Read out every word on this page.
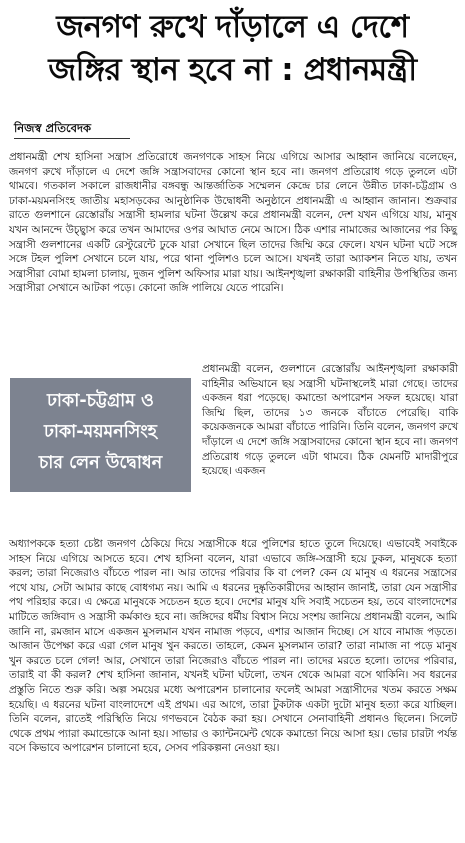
জনগণ রুখে দাঁড়ালে এ দেশে
জঙ্গির স্থান হবে না : প্রধানমন্ত্রী
নিজস্ব প্রতিবেদক

প্রধানমন্ত্রী শেখ হাসিনা সন্ত্রাস প্রতিরোধে জনগণকে সাহস নিয়ে এগিয়ে আসার আহ্বান জানিয়ে বলেছেন, জনগণ রুখে দাঁড়ালে এ দেশে জঙ্গি সন্ত্রাসবাদের কোনো স্থান হবে না। জনগণ প্রতিরোধ গড়ে তুললে এটা থামবে। গতকাল সকালে রাজধানীর বঙ্গবন্ধু আন্তর্জাতিক সম্মেলন কেন্দ্রে চার লেনে উন্নীত ঢাকা-চট্টগ্রাম ও ঢাকা-ময়মনসিংহ জাতীয় মহাসড়কের আনুষ্ঠানিক উদ্বোধনী অনুষ্ঠানে প্রধানমন্ত্রী এ আহ্বান জানান। শুক্রবার রাতে গুলশানে রেস্তোরাঁয় সন্ত্রাসী হামলার ঘটনা উল্লেখ করে প্রধানমন্ত্রী বলেন, দেশ যখন এগিয়ে যায়, মানুষ যখন আনন্দে উচ্ছ্বাস করে তখন আমাদের ওপর আঘাত নেমে আসে। ঠিক এশার নামাজের আজানের পর কিছু সন্ত্রাসী গুলশানের একটি রেস্টুরেন্টে ঢুকে যারা সেখানে ছিল তাদের জিম্মি করে ফেলে। যখন ঘটনা ঘটে সঙ্গে সঙ্গে টহল পুলিশ সেখানে চলে যায়, পরে থানা পুলিশও চলে আসে। যখনই তারা অ্যাকশন নিতে যায়, তখন সন্ত্রাসীরা বোমা হামলা চালায়, দুজন পুলিশ অফিসার মারা যায়। আইনশৃঙ্খলা রক্ষাকারী বাহিনীর উপস্থিতির জন্য সন্ত্রাসীরা সেখানে আটকা পড়ে। কোনো জঙ্গি পালিয়ে যেতে পারেনি।

ঢাকা-চট্টগ্রাম ও
ঢাকা-ময়মনসিংহ
চার লেন উদ্বোধন

প্রধানমন্ত্রী বলেন, গুলশানে রেস্তোরাঁয় আইনশৃঙ্খলা রক্ষাকারী বাহিনীর অভিযানে ছয় সন্ত্রাসী ঘটনাস্থলেই মারা গেছে। তাদের একজন ধরা পড়েছে। কমান্ডো অপারেশন সফল হয়েছে। যারা জিম্মি ছিল, তাদের ১৩ জনকে বাঁচাতে পেরেছি। বাকি কয়েকজনকে আমরা বাঁচাতে পারিনি। তিনি বলেন, জনগণ রুখে দাঁড়ালে এ দেশে জঙ্গি সন্ত্রাসবাদের কোনো স্থান হবে না। জনগণ প্রতিরোধ গড়ে তুললে এটা থামবে। ঠিক যেমনটি মাদারীপুরে হয়েছে। একজন

অধ্যাপককে হত্যা চেষ্টা জনগণ ঠেকিয়ে দিয়ে সন্ত্রাসীকে ধরে পুলিশের হাতে তুলে দিয়েছে। এভাবেই সবাইকে সাহস নিয়ে এগিয়ে আসতে হবে। শেখ হাসিনা বলেন, যারা এভাবে জঙ্গি-সন্ত্রাসী হয়ে ঢুকল, মানুষকে হত্যা করল; তারা নিজেরাও বাঁচতে পারল না। আর তাদের পরিবার কি বা পেল? কেন যে মানুষ এ ধরনের সন্ত্রাসের পথে যায়, সেটা আমার কাছে বোধগম্য নয়। আমি এ ধরনের দুষ্কৃতিকারীদের আহ্বান জানাই, তারা যেন সন্ত্রাসীর পথ পরিহার করে। এ ক্ষেত্রে মানুষকে সচেতন হতে হবে। দেশের মানুষ যদি সবাই সচেতন হয়, তবে বাংলাদেশের মাটিতে জঙ্গিবাদ ও সন্ত্রাসী কর্মকাণ্ড হবে না। জঙ্গিদের ধর্মীয় বিশ্বাস নিয়ে সংশয় জানিয়ে প্রধানমন্ত্রী বলেন, আমি জানি না, রমজান মাসে একজন মুসলমান যখন নামাজ পড়বে, এশার আজান দিচ্ছে। সে যাবে নামাজ পড়তে। আজান উপেক্ষা করে এরা গেল মানুষ খুন করতে। তাহলে, কেমন মুসলমান তারা? তারা নামাজ না পড়ে মানুষ খুন করতে চলে গেল! আর, সেখানে তারা নিজেরাও বাঁচতে পারল না। তাদের মরতে হলো। তাদের পরিবার, তারাই বা কী করল? শেখ হাসিনা জানান, যখনই ঘটনা ঘটলো, তখন থেকে আমরা বসে থাকিনি। সব ধরনের প্রস্তুতি নিতে শুরু করি। অল্প সময়ের মধ্যে অপারেশন চালানোর ফলেই আমরা সন্ত্রাসীদের খতম করতে সক্ষম হয়েছি। এ ধরনের ঘটনা বাংলাদেশে এই প্রথম। এর আগে, তারা টুকটাক একটা দুটো মানুষ হত্যা করে যাচ্ছিল। তিনি বলেন, রাতেই পরিস্থিতি নিয়ে গণভবনে বৈঠক করা হয়। সেখানে সেনাবাহিনী প্রধানও ছিলেন। সিলেট থেকে প্রথম প্যারা কমান্ডোকে আনা হয়। সাভার ও ক্যান্টনমেন্ট থেকে কমান্ডো নিয়ে আসা হয়। ভোর চারটা পর্যন্ত বসে কিভাবে অপারেশন চালানো হবে, সেসব পরিকল্পনা নেওয়া হয়।
